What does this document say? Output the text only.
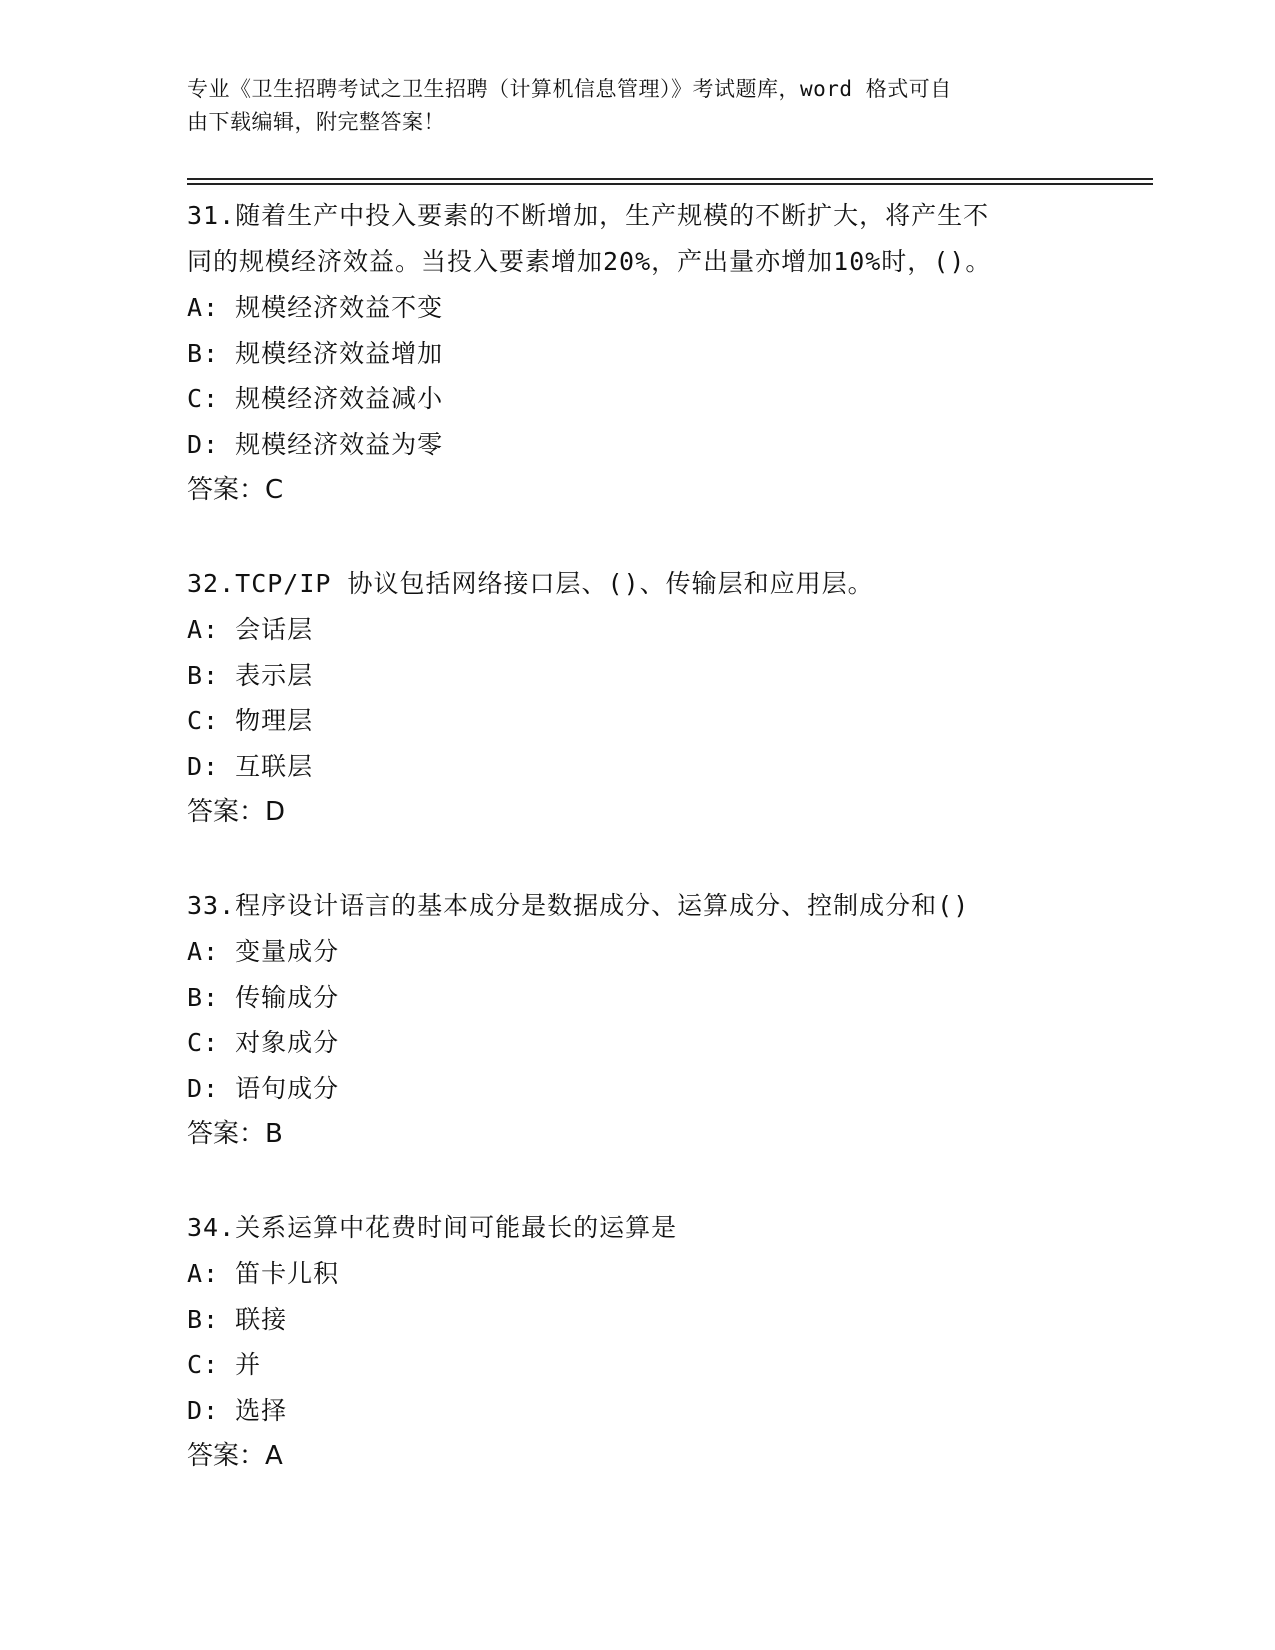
专业《卫生招聘考试之卫生招聘（计算机信息管理）》考试题库，word 格式可自
由下载编辑，附完整答案！
31.随着生产中投入要素的不断增加，生产规模的不断扩大，将产生不
同的规模经济效益。当投入要素增加20%，产出量亦增加10%时，()。
A: 规模经济效益不变
B: 规模经济效益增加
C: 规模经济效益减小
D: 规模经济效益为零
答案：C
32.TCP/IP 协议包括网络接口层、()、传输层和应用层。
A: 会话层
B: 表示层
C: 物理层
D: 互联层
答案：D
33.程序设计语言的基本成分是数据成分、运算成分、控制成分和()
A: 变量成分
B: 传输成分
C: 对象成分
D: 语句成分
答案：B
34.关系运算中花费时间可能最长的运算是
A: 笛卡儿积
B: 联接
C: 并
D: 选择
答案：A
